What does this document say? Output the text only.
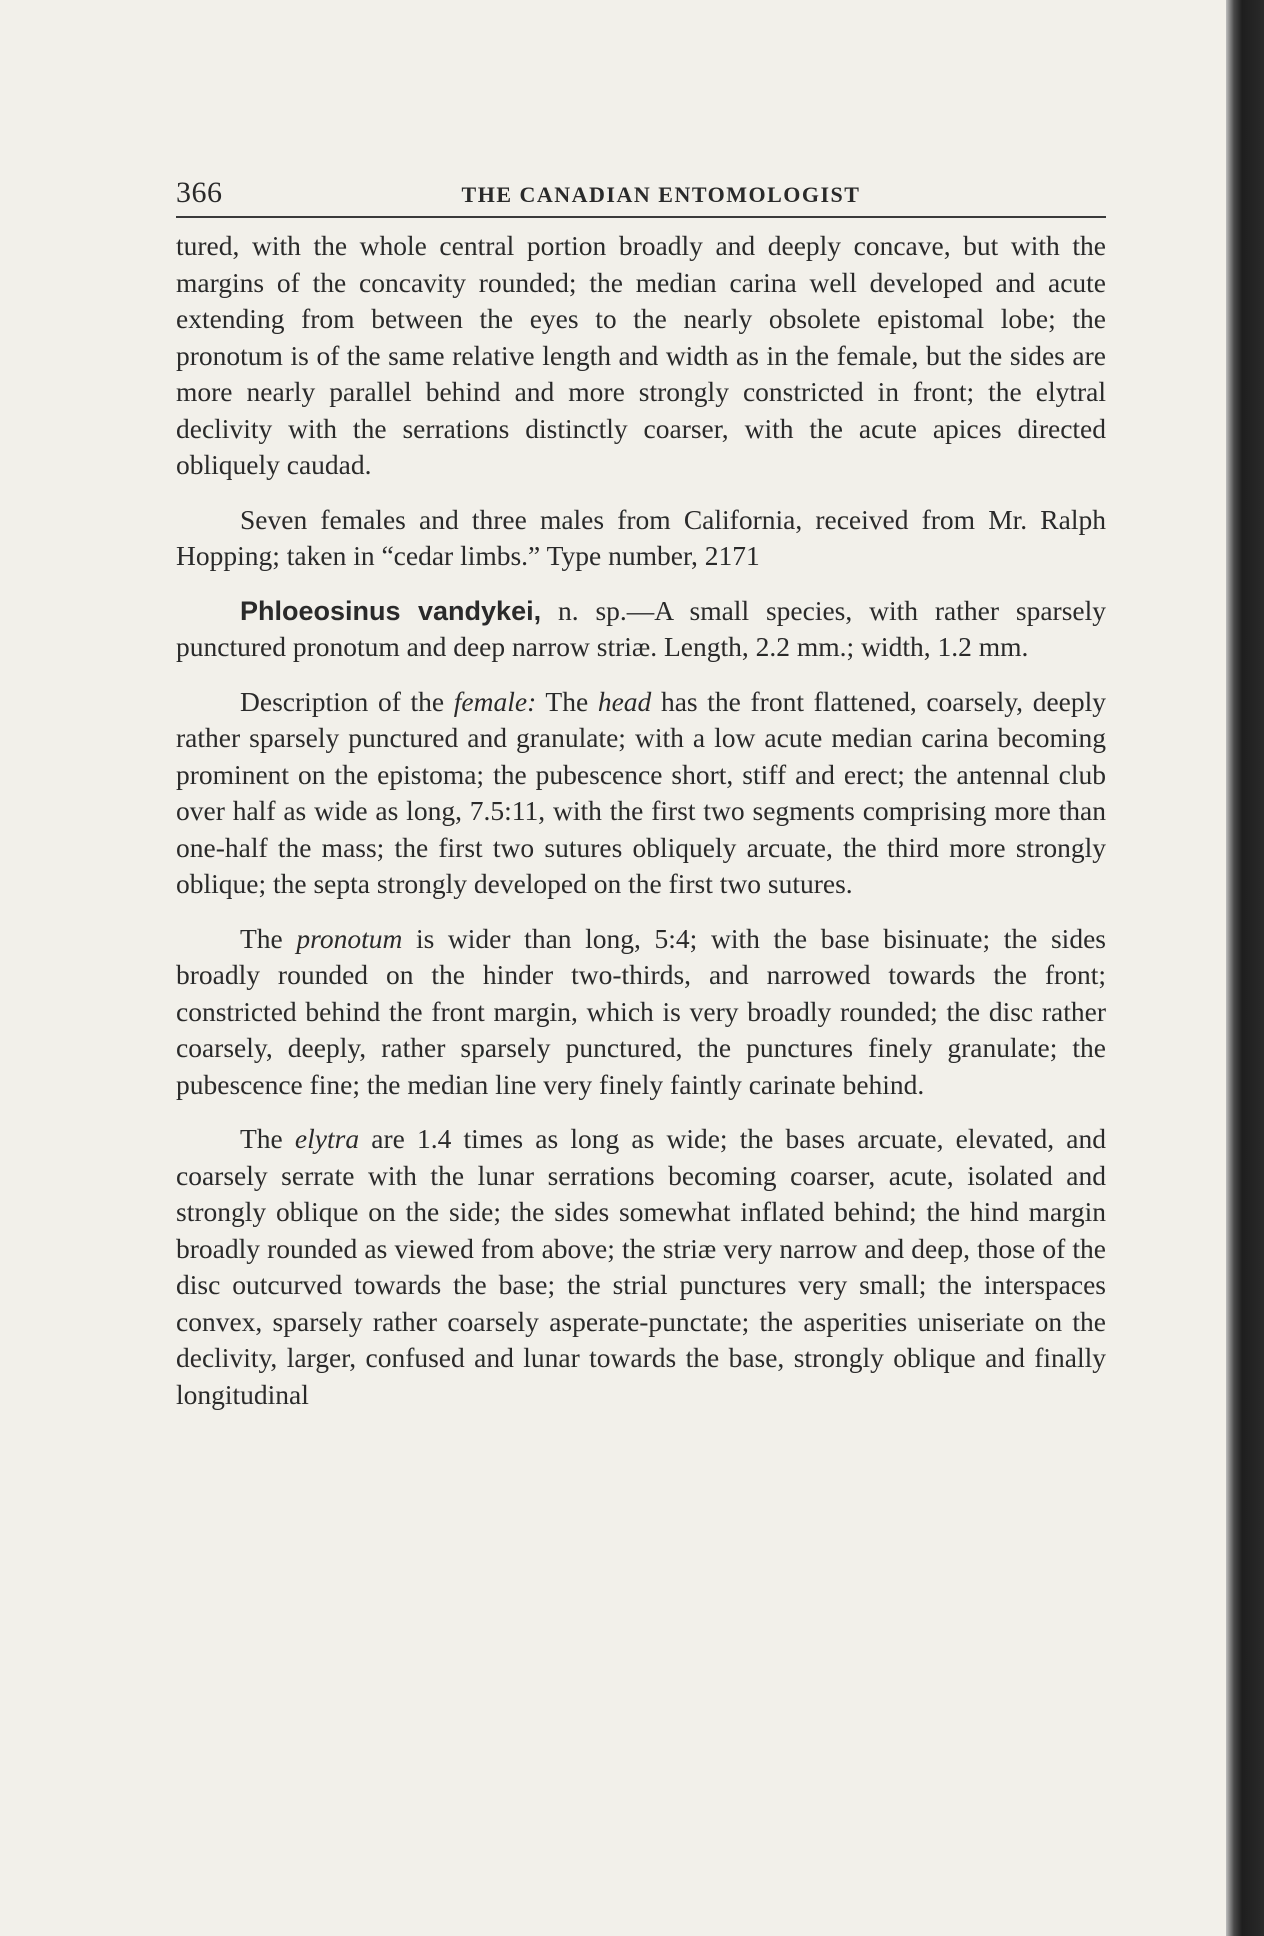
366	THE CANADIAN ENTOMOLOGIST

tured, with the whole central portion broadly and deeply concave, but with the margins of the concavity rounded; the median carina well developed and acute extending from between the eyes to the nearly obsolete epistomal lobe; the pronotum is of the same relative length and width as in the female, but the sides are more nearly parallel behind and more strongly constricted in front; the elytral declivity with the serrations distinctly coarser, with the acute apices directed obliquely caudad.

Seven females and three males from California, received from Mr. Ralph Hopping; taken in “cedar limbs.” Type number, 2171

Phloeosinus vandykei, n. sp.—A small species, with rather sparsely punctured pronotum and deep narrow striæ. Length, 2.2 mm.; width, 1.2 mm.

Description of the female: The head has the front flattened, coarsely, deeply rather sparsely punctured and granulate; with a low acute median carina becoming prominent on the epistoma; the pubescence short, stiff and erect; the antennal club over half as wide as long, 7.5:11, with the first two segments comprising more than one-half the mass; the first two sutures obliquely arcuate, the third more strongly oblique; the septa strongly developed on the first two sutures.

The pronotum is wider than long, 5:4; with the base bisinuate; the sides broadly rounded on the hinder two-thirds, and narrowed towards the front; constricted behind the front margin, which is very broadly rounded; the disc rather coarsely, deeply, rather sparsely punctured, the punctures finely granulate; the pubescence fine; the median line very finely faintly carinate behind.

The elytra are 1.4 times as long as wide; the bases arcuate, elevated, and coarsely serrate with the lunar serrations becoming coarser, acute, isolated and strongly oblique on the side; the sides somewhat inflated behind; the hind margin broadly rounded as viewed from above; the striæ very narrow and deep, those of the disc outcurved towards the base; the strial punctures very small; the interspaces convex, sparsely rather coarsely asperate-punctate; the asperities uniseriate on the declivity, larger, confused and lunar towards the base, strongly oblique and finally longitudinal
